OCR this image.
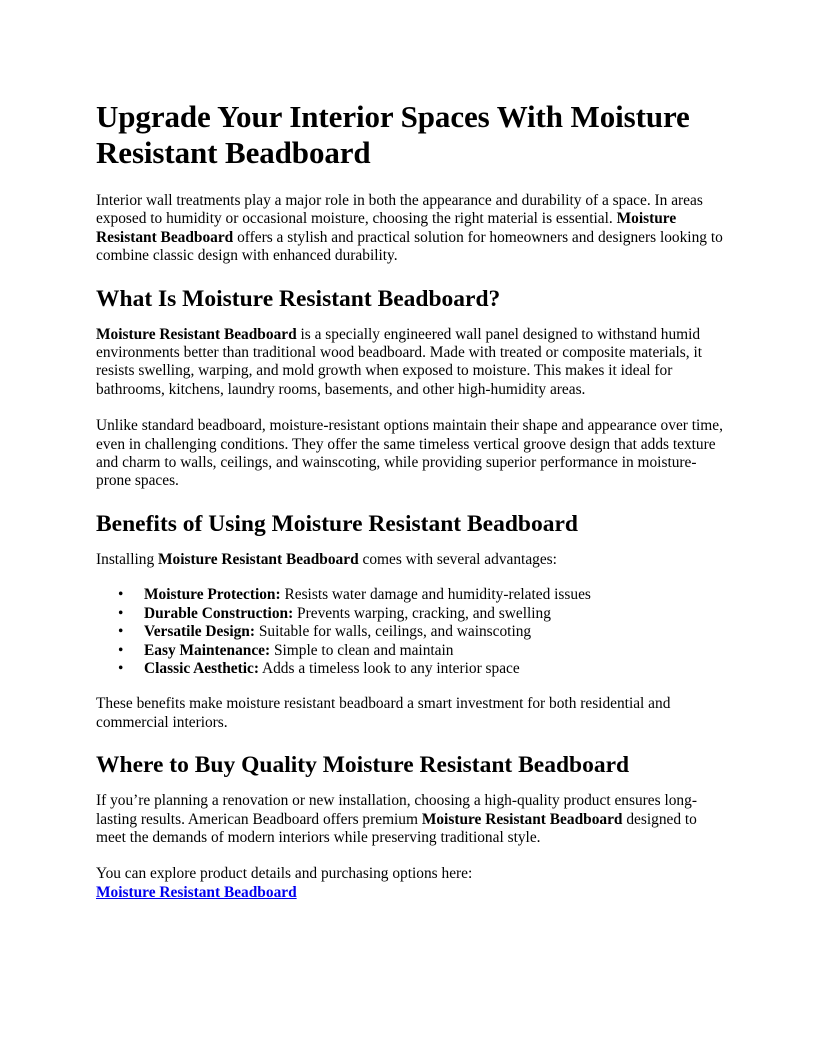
Upgrade Your Interior Spaces With Moisture Resistant Beadboard

Interior wall treatments play a major role in both the appearance and durability of a space. In areas exposed to humidity or occasional moisture, choosing the right material is essential. Moisture Resistant Beadboard offers a stylish and practical solution for homeowners and designers looking to combine classic design with enhanced durability.

What Is Moisture Resistant Beadboard?

Moisture Resistant Beadboard is a specially engineered wall panel designed to withstand humid environments better than traditional wood beadboard. Made with treated or composite materials, it resists swelling, warping, and mold growth when exposed to moisture. This makes it ideal for bathrooms, kitchens, laundry rooms, basements, and other high-humidity areas.

Unlike standard beadboard, moisture-resistant options maintain their shape and appearance over time, even in challenging conditions. They offer the same timeless vertical groove design that adds texture and charm to walls, ceilings, and wainscoting, while providing superior performance in moisture-prone spaces.

Benefits of Using Moisture Resistant Beadboard

Installing Moisture Resistant Beadboard comes with several advantages:

• Moisture Protection: Resists water damage and humidity-related issues
• Durable Construction: Prevents warping, cracking, and swelling
• Versatile Design: Suitable for walls, ceilings, and wainscoting
• Easy Maintenance: Simple to clean and maintain
• Classic Aesthetic: Adds a timeless look to any interior space

These benefits make moisture resistant beadboard a smart investment for both residential and commercial interiors.

Where to Buy Quality Moisture Resistant Beadboard

If you’re planning a renovation or new installation, choosing a high-quality product ensures long-lasting results. American Beadboard offers premium Moisture Resistant Beadboard designed to meet the demands of modern interiors while preserving traditional style.

You can explore product details and purchasing options here:
Moisture Resistant Beadboard
